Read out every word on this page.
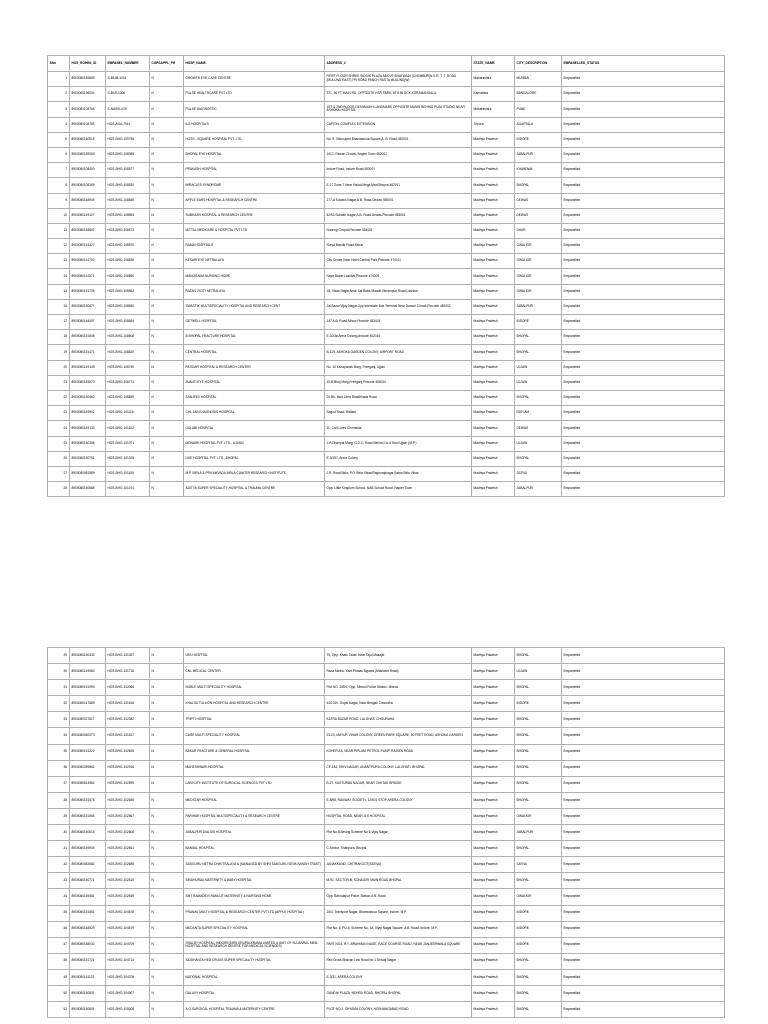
SNo	HOS_ROHINI_ID	EMPANEL_NUMBER	CGPSAPPL_PH	HOSP_NAME	ADDRESS_2	STATE_NAME	CITY_DESCRIPTION	EMPANELLED_STATUS
1	8900080189689	S-MUM-1001	N	GROWTH EYE CARE CENTRE	FIRST FLOOR SHREE SIDDHI PLAZA ABOVE BHATWADI (CHEMBUR)N.S.R. T. T. ROAD (MULUND EAST) PR ROAD PANCH RASTA MULUND(W)	Maharashtra	MUMBAI	Empanelled
2	8900080196004	S-BLR-1006	N	PULSE HEALTHCARE PVT LTD	371, 66 FT MAIN RD, OPPOSITE HSR PARK, 8TH BLOCK,KORAMANGALA	Karnataka	BANGALORE	Empanelled
3	8900080108765	S-NASIK-019	N	PULSE DIAGNOSTIC	1ST & 2ND FLOOR,DESHMUKH LANDMARK OPPOSITE MANSI BEHIND PUJA STUDIO NEAR ASHOKA HOSPITAL	Maharashtra	PUNE	Empanelled
4	8900080108765	HOS-AGA-7514	N	ILS HOSPITALS	CAPITAL COMPLEX EXTENSION	Tripura	AGARTALA	Empanelled
5	8900080160515	HOS-BHO-100798	N	HOSS - SQUARE HOSPITAL PVT. LTD.	No. 9, Vishnupuri,Bhanwarkua Square,A. B. Road,452001	Madhya Pradesh	INDORE	Empanelled
6	8900080159009	HOS-BHO-108085	N	BHOPAL EYE HOSPITAL	1412, Rewari Chowk, Napier Town 482001	Madhya Pradesh	JABALPUR	Empanelled
7	8900080108400	HOS-BHO-108577	N	PRAKASH HOSPITAL	Indore Road, Indore Road,450001	Madhya Pradesh	KHANDWA	Empanelled
8	8900080108169	HOS-BHO-108530	N	MIRACLES SYNDROME	E-17 Zone-7 Near Vishal Mega Mart,Bhopal-462011	Madhya Pradesh	BHOPAL	Empanelled
9	8900080148949	HOS-BHO-108548	N	APPLE EARS HOSPITAL & RESEARCH CENTRE	177-A Subash Nagar,A.B. Road,Dewas 455001	Madhya Pradesh	DEWAS	Empanelled
10	8900080149127	HOS-BHO-108553	N	SUBHASH HOSPITAL & RESEARCH CENTRE	52/53 Subash Nagar,A.B. Road,Dewas,Pincode 455001	Madhya Pradesh	DEWAS	Empanelled
11	8900080148802	HOS-BHO-108573	N	MITTAL MEDICARE & HOSPITAL PVT LTD	Nursing Chopat,Pincode 454001	Madhya Pradesh	DHAR	Empanelled
12	8900080151327	HOS-BHO-108570	N	RAMA HOSPITALS	Surya Mandir Road,Morar	Madhya Pradesh	GWALIOR	Empanelled
13	8900080151700	HOS-BHO-108536	N	KESARI EYE NETRALAYA	City Centre Near Hotel Central Park,Pincode 474011	Madhya Pradesh	GWALIOR	Empanelled
14	8900080151571	HOS-BHO-108560	N	MANORAMA NURSING HOME	Naya Bazar Lashkar,Pincode 474009	Madhya Pradesh	GWALIOR	Empanelled
15	8900080151735	HOS-BHO-108562	N	RATAN JYOTI NETRALAYA	18, Vikas Nagar,Near Sai Baba Mandir,Vikrampuri Road,Lashkar	Madhya Pradesh	GWALIOR	Empanelled
16	8900080150677	HOS-BHO-108650	N	SWASTIK MULTISPECIALITY HOSPITAL AND RESEARCH CENT	Jai Bazar,Vijay Nagar,Opp.Interstate Bus Terminal Near Damoh Chowk,Pincode 482002	Madhya Pradesh	JABALPUR	Empanelled
17	8900080148497	HOS-BHO-108654	N	GETWELL HOSPITAL	147 A.B. Road,Mhow Pincode 453441	Madhya Pradesh	INDORE	Empanelled
18	8900080151608	HOS-BHO-108608	N	B BHOPAL FRACTURE HOSPITAL	E-3/23a Arera Colony,pincode 462016	Madhya Pradesh	BHOPAL	Empanelled
19	8900080151471	HOS-BHO-108620	N	CENTRAL HOSPITAL	B-125, ASHOKA GARDEN COLONY, AIRPORT ROAD	Madhya Pradesh	BHOPAL	Empanelled
20	8900080149149	HOS-BHO-108749	N	PATIDAR HOSPITAL & RESEARCH CENTER	No. 10 Kshapanak Marg, Freeganj, Ujjain	Madhya Pradesh	UJJAIN	Empanelled
21	8900080149570	HOS-BHO-108774	N	AVANTI EYE HOSPITAL	15-B Bhoj Marg,Freeganj,Pincode 456010	Madhya Pradesh	UJJAIN	Empanelled
22	8900080150460	HOS-BHO-108849	N	SANJEEV HOSPITAL	20-Bb, Mod.Libra Bhadbhada Road	Madhya Pradesh	BHOPAL	Empanelled
23	8900080149902	HOS-BHO-101118	N	CHL JAIN DIAGNOSIS HOSPITAL	Sagod Road, Ratlam	Madhya Pradesh	RATLAM	Empanelled
24	8900080149133	HOS-BHO-101162	N	GULABI HOSPITAL	11, Civil Lines Chomekia	Madhya Pradesh	DEWAS	Empanelled
25	8900080150158	HOS-BHO-101071	N	MONARK HOSPITAL PVT. LTD., UJJAIN	1-B Dhanpat Marg, G.D.C. Road Behind Lic & Bsnl Ujjain (M.P.)	Madhya Pradesh	UJJAIN	Empanelled
26	8900080150751	HOS-BHO-101025	N	LIKE HOSPITAL PVT. LTD., BHOPAL	E-3/157, Arera Colony	Madhya Pradesh	BHOPAL	Empanelled
27	8900080081989	HOS-BHO-101185	N	M.P. BIRLA & PRIYAMVADA BIRLA CANCER RESEARCH INSTITUTE	J.R. Road Birla, P.O. Birla Vikas/Raghurajnagar,Satna Birla Vikas	Madhya Pradesh	SATNA	Empanelled
28	8900080150685	HOS-BHO-101074	N	ADITYA SUPER SPECIALITY HOSPITAL & TRAUMA CENTRE	Opp. Little Kingdom School, NAB School Road, Napier Town	Madhya Pradesh	JABALPUR	Empanelled
29	8900080150433	HOS-BHO-101057	N	LBS HOSPITAL	75, Opp. Khatu Talab, Near Tajul Masajid	Madhya Pradesh	BHOPAL	Empanelled
30	8900080149580	HOS-BHO-101716	N	CNL MEDICAL CENTER	Rana Media, Yazil Phatak Bypass (Maksolet Road)	Madhya Pradesh	UJJAIN	Empanelled
31	8900080151990	HOS-BHO-102066	N	NOBLE MULTI SPECIALITY HOSPITAL	Plot NO. 285/1, Opp. Misrod Police Station, Misrod	Madhya Pradesh	BHOPAL	Empanelled
32	8900080147889	HOS-BHO-101518	N	KHALSA TULLION HOSPITAL AND RESEARCH CENTRE	44/1010, Goyal Nagar, Near Bengali Chouraha	Madhya Pradesh	INDORE	Empanelled
33	8900080027817	HOS-BHO-102082	N	TRIPTI HOSPITAL	KATRA BAZAR ROAD, LALGHATI CHOURAHA	Madhya Pradesh	BHOPAL	Empanelled
34	8900080060073	HOS-BHO-101617	N	CARE MULTI SPECIALITY HOSPITAL	23-24, MAYUR VIHAR COLONY, GREEN PARK SQUARE, 80 FEET ROAD, ASHOKA GARDEN	Madhya Pradesh	BHOPAL	Empanelled
35	8900080151222	HOS-BHO-102635	N	BAKAR FRACTURE & GENERAL HOSPITAL	KOHEFIZA, NEAR PIPLANI PETROL PUMP, RAISEN ROAD	Madhya Pradesh	BHOPAL	Empanelled
36	8900080099862	HOS-BHO-102016	N	MAHESHWARI HOSPITAL	CF-184, SHIV NAGAR, ANANTPURA COLONY, LALGHATI, BHOPAL	Madhya Pradesh	BHOPAL	Empanelled
37	8900080814982	HOS-BHO-102599	N	LAKECITY INSTITUTE OF SURGICAL SCIENCES PVT LTD	B-27, KASTURBA NAGAR, NEAR CHETAK BRIDGE	Madhya Pradesh	BHOPAL	Empanelled
38	8900080151578	HOS-BHO-102656	N	MEDSTAR HOSPITAL	E-8/98, RAILWAY SOCIETY, 12/601 STOP ARERA COLONY	Madhya Pradesh	BHOPAL	Empanelled
39	8900080151565	HOS-BHO-102667	N	PARIHAR HOSPITAL MULTISPECIALITY & RESEARCH CENTRE	HOSPITAL ROAD, NEAR JLS HOSPITAL	Madhya Pradesh	GWALIOR	Empanelled
40	8900080150616	HOS-BHO-102608	N	JABALPUR DIALSIS HOSPITAL	Plot No.8,Beving Scheme No 5,Vijay Nagar	Madhya Pradesh	JABALPUR	Empanelled
41	8900080159934	HOS-BHO-102661	N	BANSAL HOSPITAL	C-Sector, Shahpura, Bhopal	Madhya Pradesh	BHOPAL	Empanelled
42	8900080082682	HOS-BHO-102685	N	SADGURU NETRA CHIKITSALAYA & (MANAGED BY SHRI SADGURU SEVA SANGH TRAST)	JANAKKUND, CHITRAKOOT(SATNA)	Madhya Pradesh	SATNA	Empanelled
43	8900080150771	HOS-BHO-102610	N	SINDHURAA MATERNITY & BABY HOSPITAL	M-91, SECTOR-B, SONAGIRI MAIN ROAD BHOPAL	Madhya Pradesh	BHOPAL	Empanelled
44	8900080169351	HOS-BHO-102639	N	SMT RAMADEVI RAMLUT MATERNITY & NURSING HOME	Opp. Bahodapur Police Station,A.B. Road	Madhya Pradesh	GWALIOR	Empanelled
45	8900080151851	HOS-BHO-104678	N	PRANAV MULTI HOSPITAL & RESEARCH CENTER PVT LTD (APPLE HOSPITAL)	15/3, Transport Nagar, Bhanwarkua Square, Indore, M.P.	Madhya Pradesh	INDORE	Empanelled
46	8900080148529	HOS-BHO-104679	N	MEDANTA SUPER SPECIALITY HOSPITAL	Plot No. 8, PU-4, Scheme No. 54, Vijay Nagar Square, A.B. Road, Indore, M.P.	Madhya Pradesh	INDORE	Empanelled
47	8900080158032	HOS-BHO-104709	N	SHALBY HOSPITAL, INDORE(SHRI KRUPALKRAMA LIMITED A UNIT OF SUJANRAL MEM. HOSPITAL AND RESEARCH CENTRE FOR MEDICAL SCIENCES)	PART NO4, R.T.-BRAHMAN NAGE, RACE COURSE ROAD, NEAR JANJEERWALA SQUARE	Madhya Pradesh	INDORE	Empanelled
48	8900080151721	HOS-BHO-104714	N	SIDDHANTA RED CROSS SUPER SPECIALITY HOSPITAL	Red Cross Bhavan Link Road No 1,Shivaji Nagar	Madhya Pradesh	BHOPAL	Empanelled
49	8900080151123	HOS-BHO-104708	N	NATIONAL HOSPITAL	E-3/31, ARERA COLONY	Madhya Pradesh	BHOPAL	Empanelled
50	8900080150801	HOS-BHO-104907	N	GALAXY HOSPITAL	GANDHI PLAZA, NEHRU ROAD, BHOPAL BHOPAL	Madhya Pradesh	BHOPAL	Empanelled
51	8900080150691	HOS-BHO-105008	N	A.G.SURGICAL HOSPITAL,TRAUMA & MATERNITY CENTRE	PLOT NO.2, SHYAMA COLONY, HOSHANGABAD ROAD	Madhya Pradesh	BHOPAL	Empanelled
